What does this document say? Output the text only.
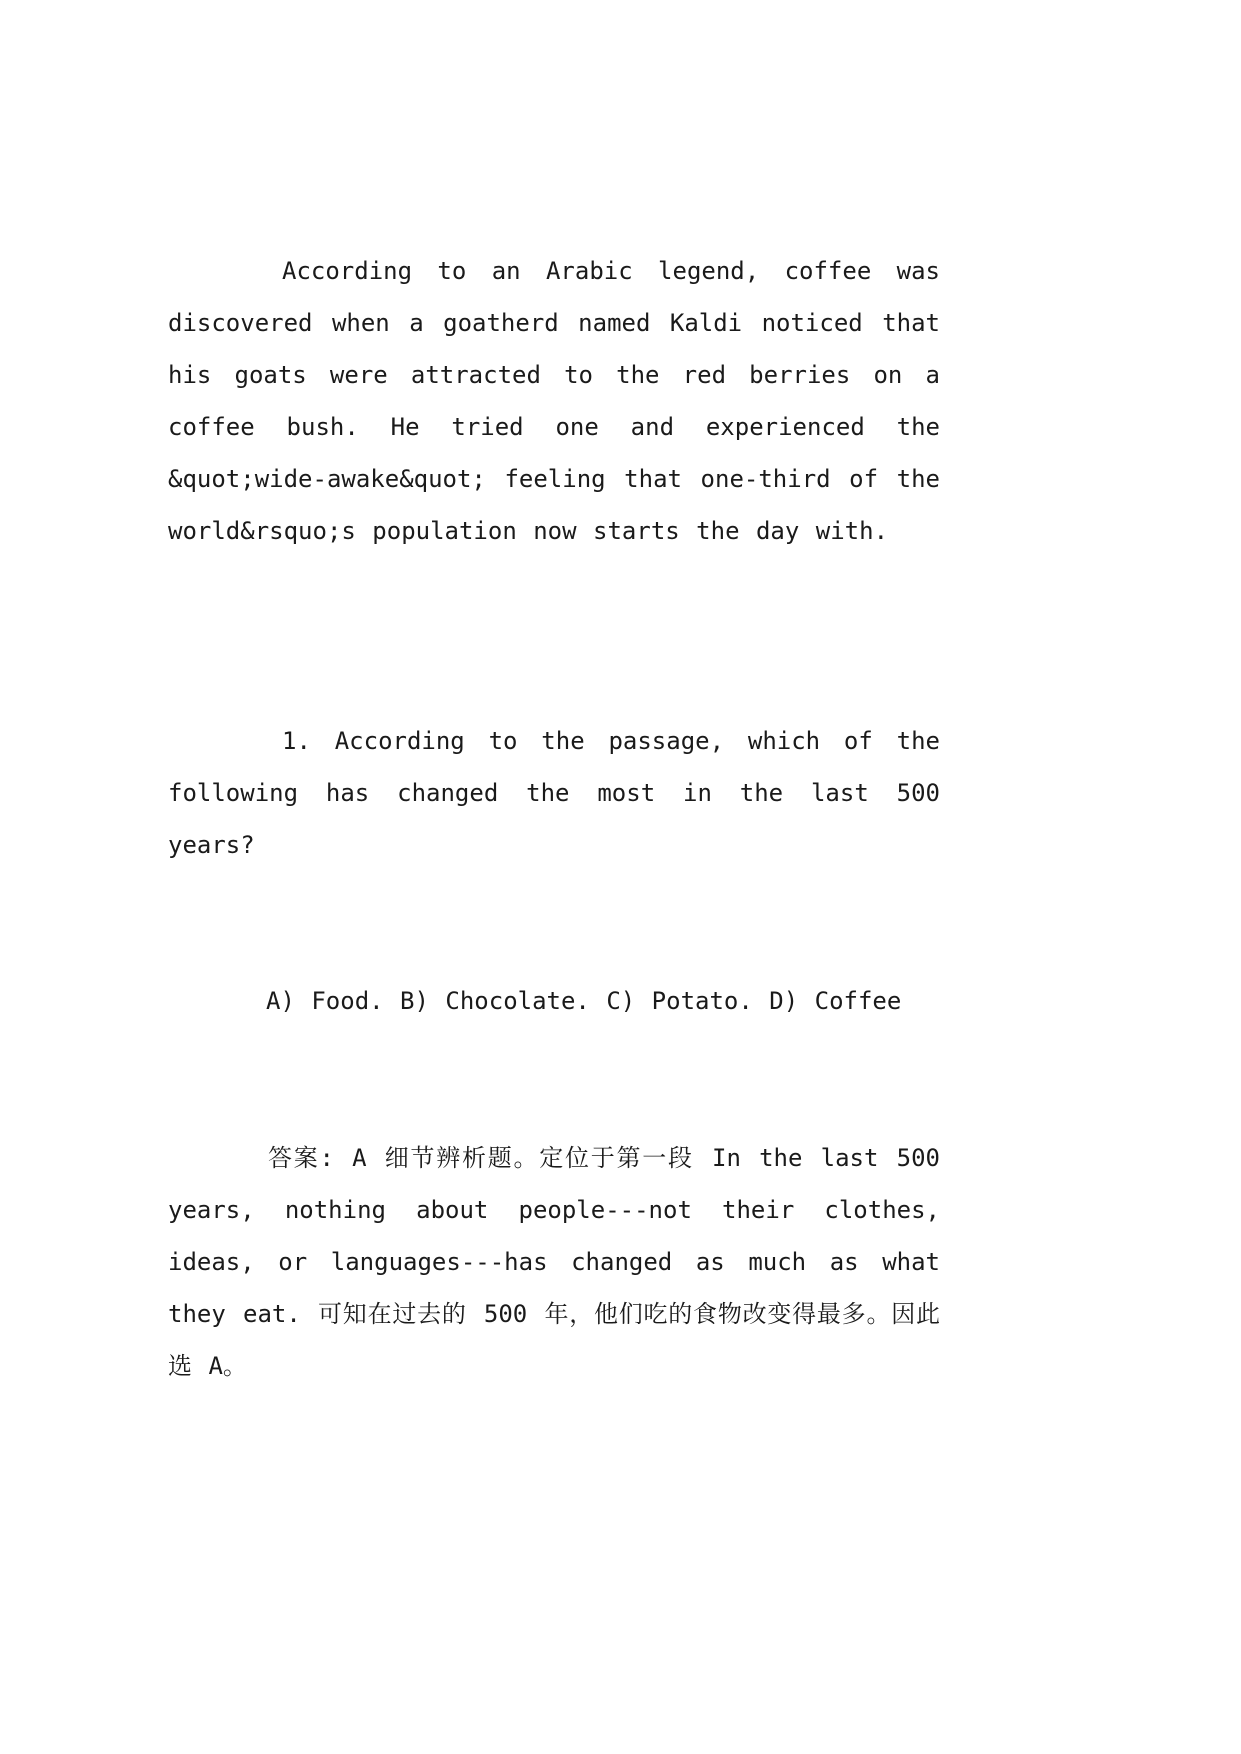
According to an Arabic legend, coffee was discovered when a goatherd named Kaldi noticed that his goats were attracted to the red berries on a coffee bush. He tried one and experienced the &quot;wide-awake&quot; feeling that one-third of the world&rsquo;s population now starts the day with.

1. According to the passage, which of the following has changed the most in the last 500 years?

A) Food. B) Chocolate. C) Potato. D) Coffee

答案: A 细节辨析题。定位于第一段 In the last 500 years, nothing about people---not their clothes, ideas, or languages---has changed as much as what they eat. 可知在过去的 500 年，他们吃的食物改变得最多。因此选 A。
